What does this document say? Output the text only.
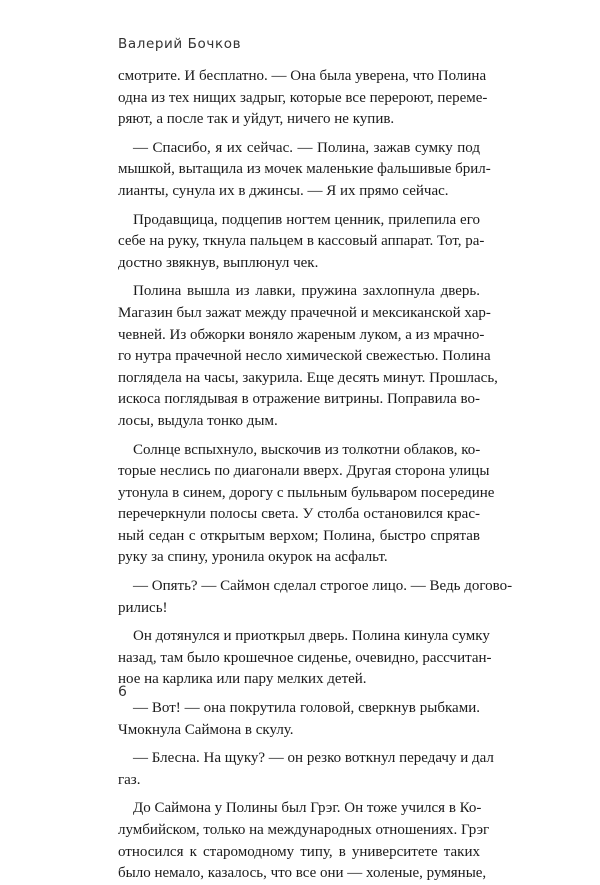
Валерий Бочков

смотрите. И бесплатно. — Она была уверена, что Полина
одна из тех нищих задрыг, которые все перероют, переме-
ряют, а после так и уйдут, ничего не купив.

— Спасибо, я их сейчас. — Полина, зажав сумку под
мышкой, вытащила из мочек маленькие фальшивые брил-
лианты, сунула их в джинсы. — Я их прямо сейчас.

Продавщица, подцепив ногтем ценник, прилепила его
себе на руку, ткнула пальцем в кассовый аппарат. Тот, ра-
достно звякнув, выплюнул чек.

Полина вышла из лавки, пружина захлопнула дверь.
Магазин был зажат между прачечной и мексиканской хар-
чевней. Из обжорки воняло жареным луком, а из мрачно-
го нутра прачечной несло химической свежестью. Полина
поглядела на часы, закурила. Еще десять минут. Прошлась,
искоса поглядывая в отражение витрины. Поправила во-
лосы, выдула тонко дым.

Солнце вспыхнуло, выскочив из толкотни облаков, ко-
торые неслись по диагонали вверх. Другая сторона улицы
утонула в синем, дорогу с пыльным бульваром посередине
перечеркнули полосы света. У столба остановился крас-
ный седан с открытым верхом; Полина, быстро спрятав
руку за спину, уронила окурок на асфальт.

— Опять? — Саймон сделал строгое лицо. — Ведь догово-
рились!

Он дотянулся и приоткрыл дверь. Полина кинула сумку
назад, там было крошечное сиденье, очевидно, рассчитан-
ное на карлика или пару мелких детей.

— Вот! — она покрутила головой, сверкнув рыбками.
Чмокнула Саймона в скулу.

— Блесна. На щуку? — он резко воткнул передачу и дал
газ.

До Саймона у Полины был Грэг. Он тоже учился в Ко-
лумбийском, только на международных отношениях. Грэг
относился к старомодному типу, в университете таких
было немало, казалось, что все они — холеные, румяные,

6
